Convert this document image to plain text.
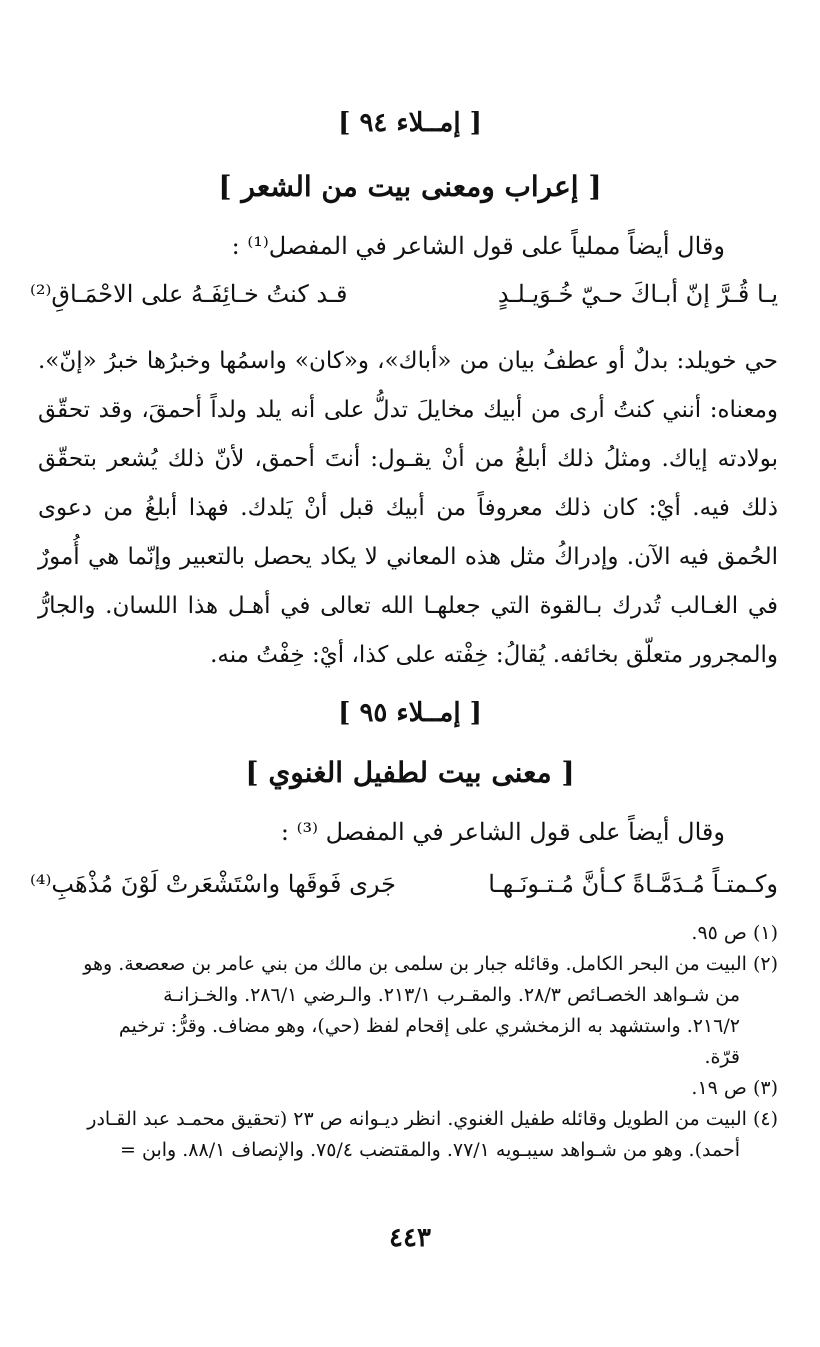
[ إمــلاء ٩٤ ]
[ إعراب ومعنى بيت من الشعر ]
وقال أيضاً مملياً على قول الشاعر في المفصل⁽¹⁾ :
يـا قُـرَّ إنّ أبـاكَ حـيّ خُـوَيـلـدٍ
قـد كنتُ خـائِفَـهُ على الاحْمَـاقِ⁽²⁾

حي خويلد: بدلٌ أو عطفُ بيان من «أباك»، و«كان» واسمُها وخبرُها خبرُ «إنّ». ومعناه: أنني كنتُ أرى من أبيك مخايلَ تدلُّ على أنه يلد ولداً أحمقَ، وقد تحقّق بولادته إياك. ومثلُ ذلك أبلغُ من أنْ يقـول: أنتَ أحمق، لأنّ ذلك يُشعر بتحقّق ذلك فيه. أيْ: كان ذلك معروفاً من أبيك قبل أنْ يَلدك. فهذا أبلغُ من دعوى الحُمق فيه الآن. وإدراكُ مثل هذه المعاني لا يكاد يحصل بالتعبير وإنّما هي أُمورٌ في الغـالب تُدرك بـالقوة التي جعلهـا الله تعالى في أهـل هذا اللسان. والجارُّ والمجرور متعلّق بخائفه. يُقالُ: خِفْته على كذا، أيْ: خِفْتُ منه.

[ إمــلاء ٩٥ ]
[ معنى بيت لطفيل الغنوي ]
وقال أيضاً على قول الشاعر في المفصل ⁽³⁾ :
وكـمتـاً مُـدَمَّـاةً كـأنَّ مُـتـونَـهـا
جَرى فَوقَها واسْتَشْعَرتْ لَوْنَ مُذْهَبِ⁽⁴⁾

(١) ص ٩٥.

(٢) البيت من البحر الكامل. وقائله جبار بن سلمى بن مالك من بني عامر بن صعصعة. وهو

من شـواهد الخصـائص ٢٨/٣. والمقـرب ٢١٣/١. والـرضي ٢٨٦/١. والخـزانـة

٢١٦/٢. واستشهد به الزمخشري على إقحام لفظ (حي)، وهو مضاف. وقرُّ: ترخيم

قرّة.

(٣) ص ١٩.

(٤) البيت من الطويل وقائله طفيل الغنوي. انظر ديـوانه ص ٢٣ (تحقيق محمـد عبد القـادر

أحمد). وهو من شـواهد سيبـويه ٧٧/١. والمقتضب ٧٥/٤. والإنصاف ٨٨/١. وابن =

٤٤٣
